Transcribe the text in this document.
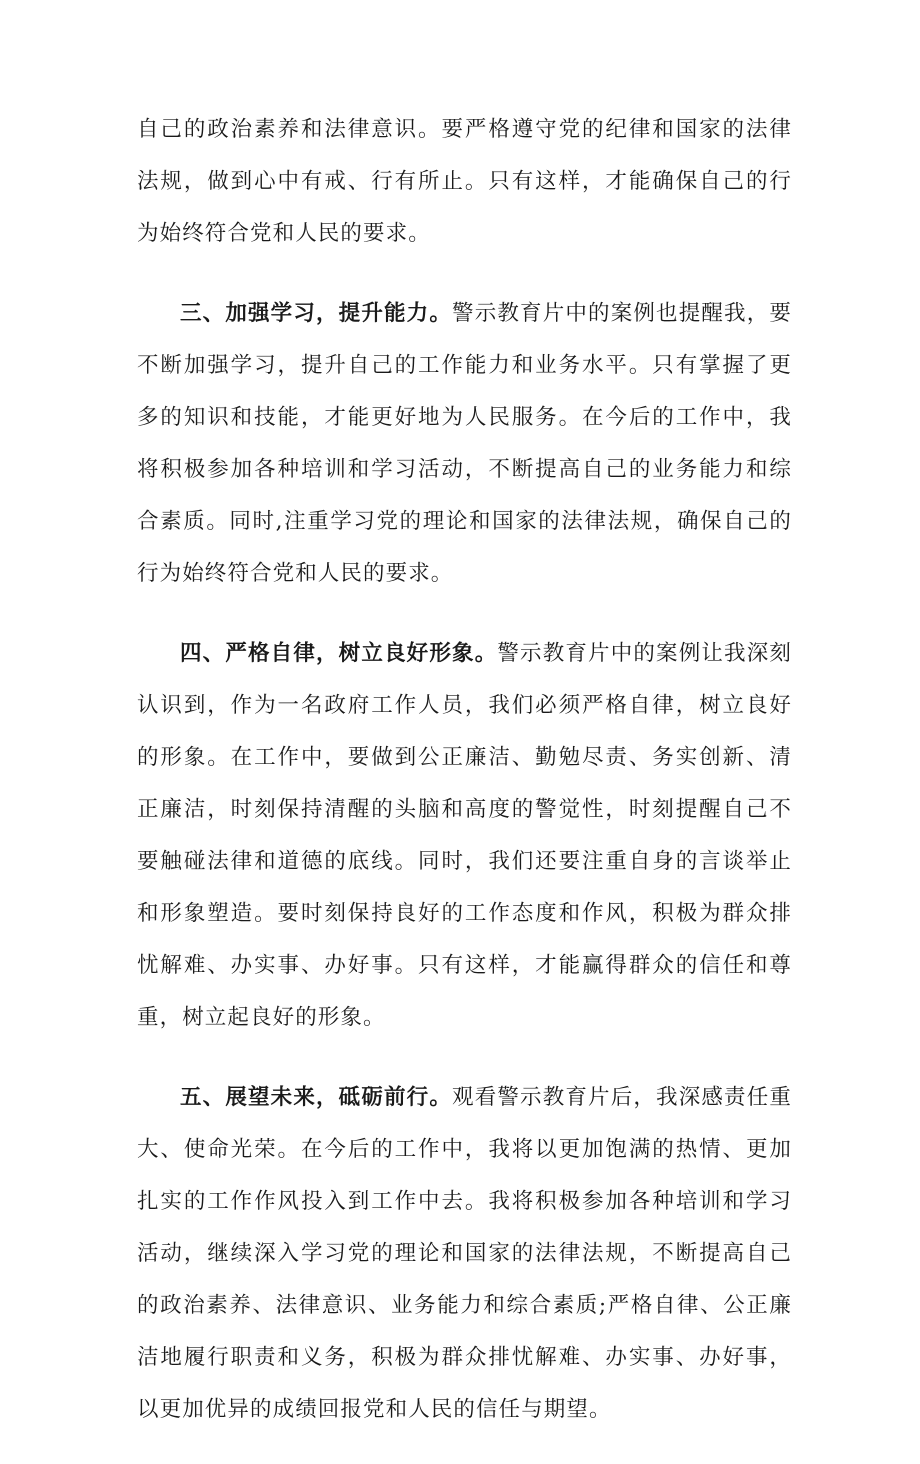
自己的政治素养和法律意识。要严格遵守党的纪律和国家的法律法规，做到心中有戒、行有所止。只有这样，才能确保自己的行为始终符合党和人民的要求。

三、加强学习，提升能力。警示教育片中的案例也提醒我，要不断加强学习，提升自己的工作能力和业务水平。只有掌握了更多的知识和技能，才能更好地为人民服务。在今后的工作中，我将积极参加各种培训和学习活动，不断提高自己的业务能力和综合素质。同时,注重学习党的理论和国家的法律法规，确保自己的行为始终符合党和人民的要求。

四、严格自律，树立良好形象。警示教育片中的案例让我深刻认识到，作为一名政府工作人员，我们必须严格自律，树立良好的形象。在工作中，要做到公正廉洁、勤勉尽责、务实创新、清正廉洁，时刻保持清醒的头脑和高度的警觉性，时刻提醒自己不要触碰法律和道德的底线。同时，我们还要注重自身的言谈举止和形象塑造。要时刻保持良好的工作态度和作风，积极为群众排忧解难、办实事、办好事。只有这样，才能赢得群众的信任和尊重，树立起良好的形象。

五、展望未来，砥砺前行。观看警示教育片后，我深感责任重大、使命光荣。在今后的工作中，我将以更加饱满的热情、更加扎实的工作作风投入到工作中去。我将积极参加各种培训和学习活动，继续深入学习党的理论和国家的法律法规，不断提高自己的政治素养、法律意识、业务能力和综合素质;严格自律、公正廉洁地履行职责和义务，积极为群众排忧解难、办实事、办好事，以更加优异的成绩回报党和人民的信任与期望。
